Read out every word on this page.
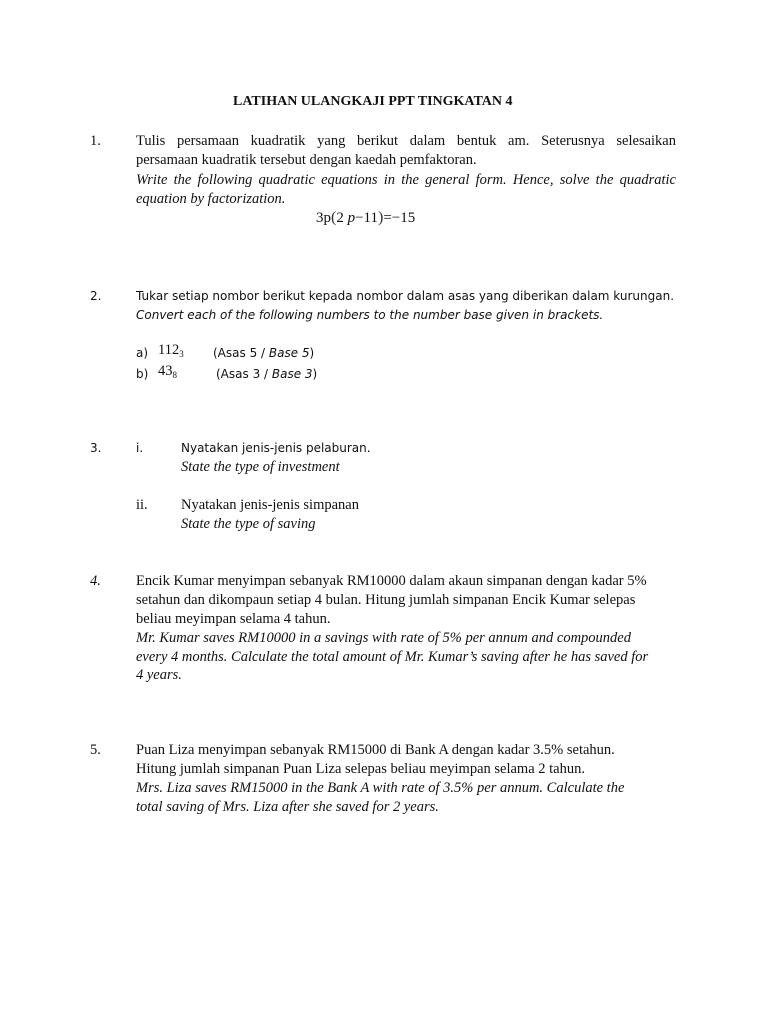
LATIHAN ULANGKAJI PPT TINGKATAN 4
1. Tulis persamaan kuadratik yang berikut dalam bentuk am. Seterusnya selesaikan
persamaan kuadratik tersebut dengan kaedah pemfaktoran.
Write the following quadratic equations in the general form. Hence, solve the quadratic
equation by factorization.
3p(2 p−11)=−15
2.	Tukar setiap nombor berikut kepada nombor dalam asas yang diberikan dalam kurungan.
Convert each of the following numbers to the number base given in brackets.
a) $112_3$ (Asas 5 / Base 5)
b) $43_8$	(Asas 3 / Base 3)
3.	i.	Nyatakan jenis-jenis pelaburan.
State the type of investment
ii. Nyatakan jenis-jenis simpanan
State the type of saving
4. Encik Kumar menyimpan sebanyak RM10000 dalam akaun simpanan dengan kadar 5%
setahun dan dikompaun setiap 4 bulan. Hitung jumlah simpanan Encik Kumar selepas
beliau meyimpan selama 4 tahun.
Mr. Kumar saves RM10000 in a savings with rate of 5% per annum and compounded
every 4 months. Calculate the total amount of Mr. Kumar’s saving after he has saved for
4 years.
5. Puan Liza menyimpan sebanyak RM15000 di Bank A dengan kadar 3.5% setahun.
Hitung jumlah simpanan Puan Liza selepas beliau meyimpan selama 2 tahun.
Mrs. Liza saves RM15000 in the Bank A with rate of 3.5% per annum. Calculate the
total saving of Mrs. Liza after she saved for 2 years.
